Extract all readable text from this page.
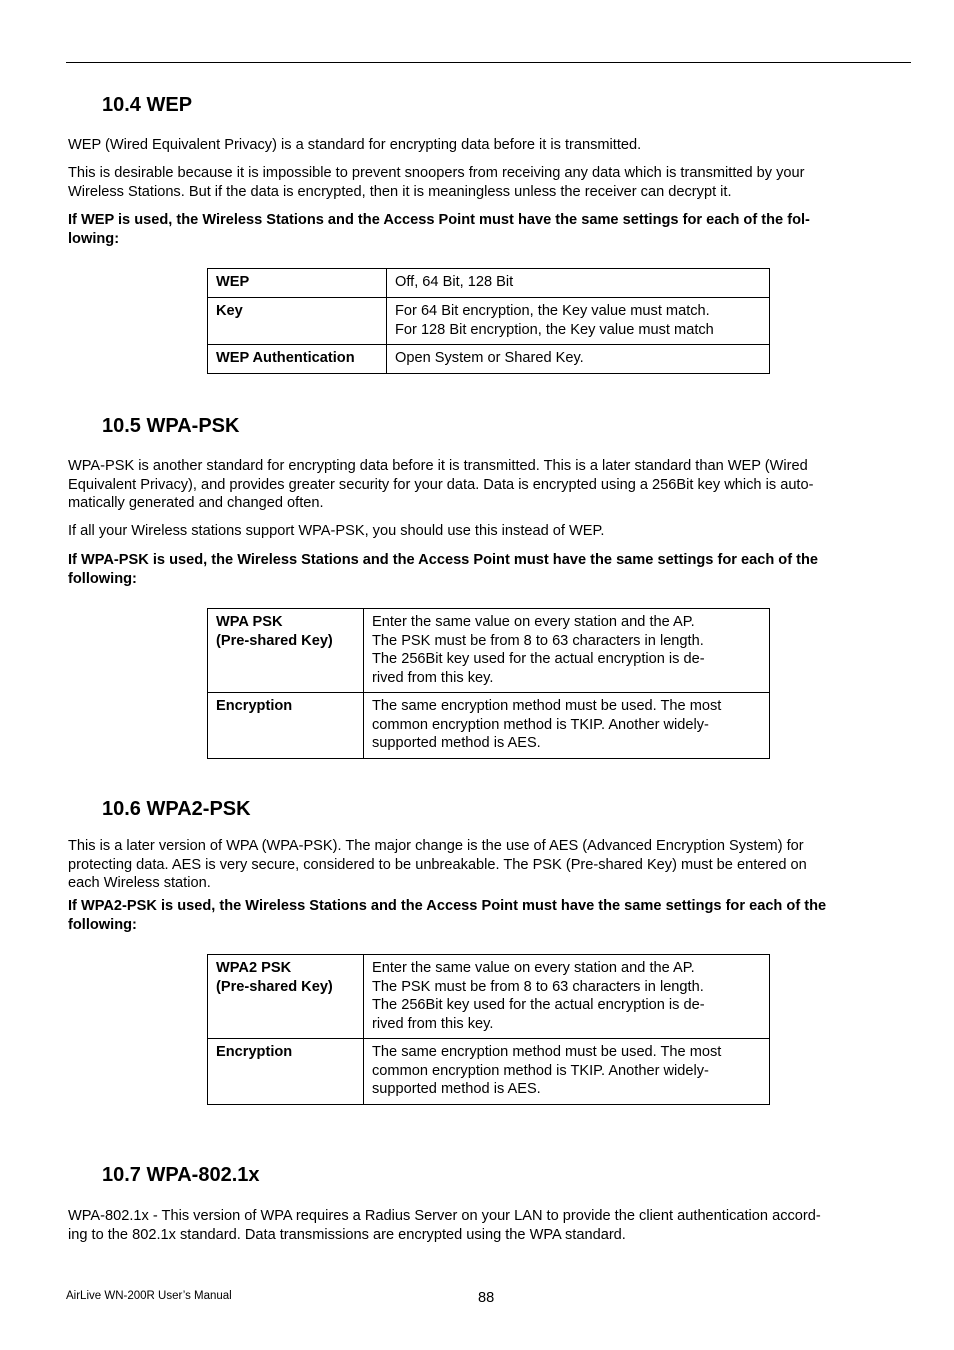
10.4 WEP

WEP (Wired Equivalent Privacy) is a standard for encrypting data before it is transmitted.

This is desirable because it is impossible to prevent snoopers from receiving any data which is transmitted by your
Wireless Stations. But if the data is encrypted, then it is meaningless unless the receiver can decrypt it.

If WEP is used, the Wireless Stations and the Access Point must have the same settings for each of the fol-
lowing:

WEP	Off, 64 Bit, 128 Bit
Key	For 64 Bit encryption, the Key value must match.
For 128 Bit encryption, the Key value must match
WEP Authentication	Open System or Shared Key.
10.5 WPA-PSK

WPA-PSK is another standard for encrypting data before it is transmitted. This is a later standard than WEP (Wired
Equivalent Privacy), and provides greater security for your data. Data is encrypted using a 256Bit key which is auto-
matically generated and changed often.

If all your Wireless stations support WPA-PSK, you should use this instead of WEP.

If WPA-PSK is used, the Wireless Stations and the Access Point must have the same settings for each of the
following:

WPA PSK
(Pre-shared Key)	Enter the same value on every station and the AP.
The PSK must be from 8 to 63 characters in length.
The 256Bit key used for the actual encryption is de-
rived from this key.
Encryption	The same encryption method must be used. The most
common encryption method is TKIP. Another widely-
supported method is AES.
10.6 WPA2-PSK

This is a later version of WPA (WPA-PSK). The major change is the use of AES (Advanced Encryption System) for
protecting data. AES is very secure, considered to be unbreakable. The PSK (Pre-shared Key) must be entered on
each Wireless station.

If WPA2-PSK is used, the Wireless Stations and the Access Point must have the same settings for each of the
following:

WPA2 PSK
(Pre-shared Key)	Enter the same value on every station and the AP.
The PSK must be from 8 to 63 characters in length.
The 256Bit key used for the actual encryption is de-
rived from this key.
Encryption	The same encryption method must be used. The most
common encryption method is TKIP. Another widely-
supported method is AES.
10.7 WPA-802.1x

WPA-802.1x - This version of WPA requires a Radius Server on your LAN to provide the client authentication accord-
ing to the 802.1x standard. Data transmissions are encrypted using the WPA standard.

AirLive WN-200R User’s Manual	88
